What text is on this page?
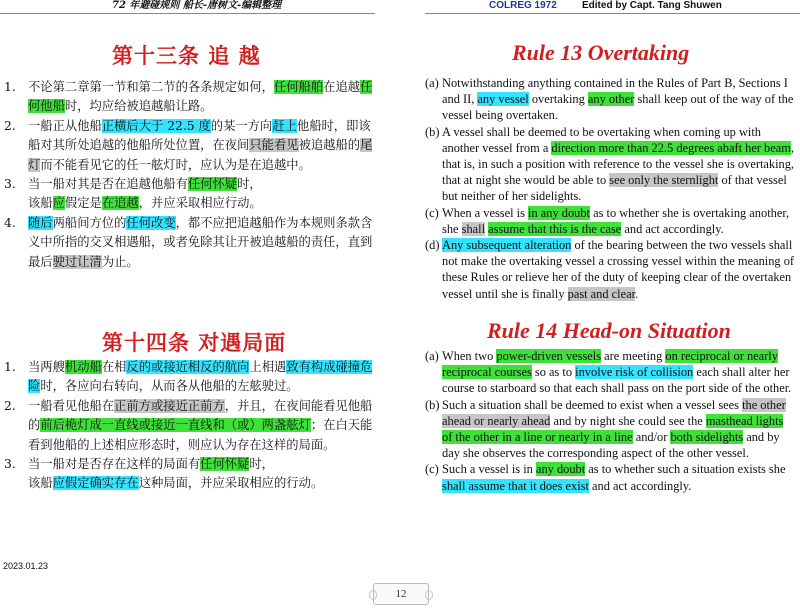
72 年避碰规则 船长-唐树文-编辑整理	COLREG 1972	Edited by Capt. Tang Shuwen
第十三条 追 越

1. 不论第二章第一节和第二节的各条规定如何，任何船舶在追越任何他船时，均应给被追越船让路。

2. 一船正从他船正横后大于 22.5 度的某一方向赶上他船时，即该船对其所处追越的他船所处位置，在夜间只能看见被追越船的尾灯而不能看见它的任一舷灯时，应认为是在追越中。

3. 当一船对其是否在追越他船有任何怀疑时，
该船应假定是在追越，并应采取相应行动。

4. 随后两船间方位的任何改变，都不应把追越船作为本规则条款含义中所指的交叉相遇船，或者免除其让开被追越船的责任，直到最后驶过让清为止。

第十四条 对遇局面

1. 当两艘机动船在相反的或接近相反的航向上相遇致有构成碰撞危险时，各应向右转向，从而各从他船的左舷驶过。

2. 一船看见他船在正前方或接近正前方，并且，在夜间能看见他船的前后桅灯成一直线或接近一直线和（或）两盏舷灯；在白天能看到他船的上述相应形态时，则应认为存在这样的局面。

3. 当一船对是否存在这样的局面有任何怀疑时，
该船应假定确实存在这种局面，并应采取相应的行动。

Rule 13 Overtaking

(a) Notwithstanding anything contained in the Rules of Part B, Sections I and II, any vessel overtaking any other shall keep out of the way of the vessel being overtaken.

(b) A vessel shall be deemed to be overtaking when coming up with another vessel from a direction more than 22.5 degrees abaft her beam, that is, in such a position with reference to the vessel she is overtaking, that at night she would be able to see only the sternlight of that vessel but neither of her sidelights.

(c) When a vessel is in any doubt as to whether she is overtaking another, she shall assume that this is the case and act accordingly.

(d) Any subsequent alteration of the bearing between the two vessels shall not make the overtaking vessel a crossing vessel within the meaning of these Rules or relieve her of the duty of keeping clear of the overtaken vessel until she is finally past and clear.

Rule 14 Head-on Situation

(a) When two power-driven vessels are meeting on reciprocal or nearly reciprocal courses so as to involve risk of collision each shall alter her course to starboard so that each shall pass on the port side of the other.

(b) Such a situation shall be deemed to exist when a vessel sees the other ahead or nearly ahead and by night she could see the masthead lights of the other in a line or nearly in a line and/or both sidelights and by day she observes the corresponding aspect of the other vessel.

(c) Such a vessel is in any doubt as to whether such a situation exists she shall assume that it does exist and act accordingly.

2023.01.23
12
